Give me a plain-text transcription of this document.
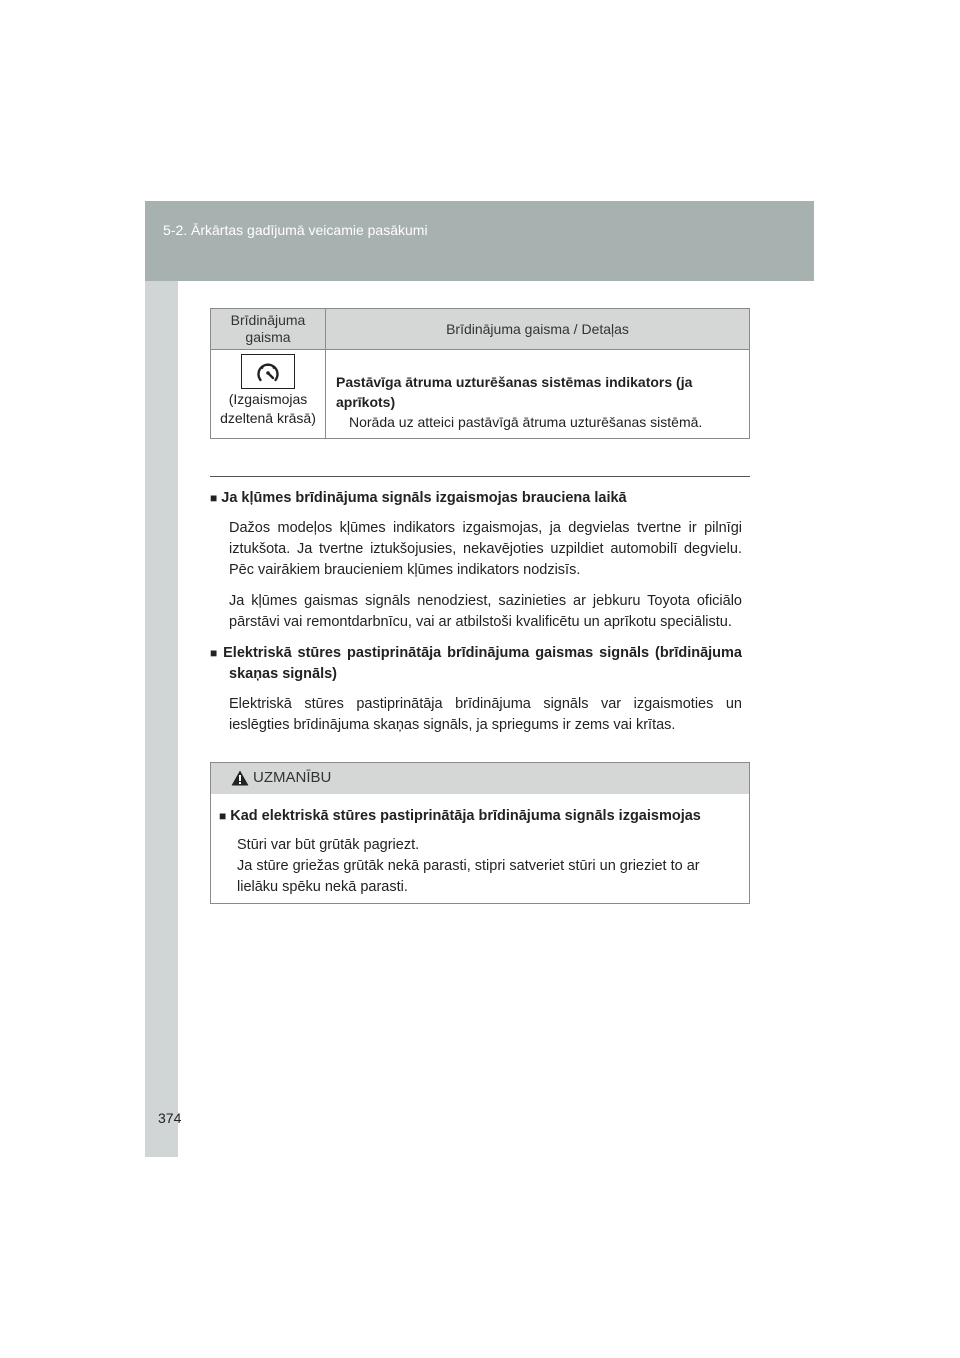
5-2. Ārkārtas gadījumā veicamie pasākumi
Brīdinājuma gaisma	Brīdinājuma gaisma / Detaļas

(Izgaismojas dzeltenā krāsā)	Pastāvīga ātruma uzturēšanas sistēmas indikators (ja aprīkots)
Norāda uz atteici pastāvīgā ātruma uzturēšanas sistēmā.
■ Ja kļūmes brīdinājuma signāls izgaismojas brauciena laikā
Dažos modeļos kļūmes indikators izgaismojas, ja degvielas tvertne ir pilnīgi iztukšota. Ja tvertne iztukšojusies, nekavējoties uzpildiet automobilī degvielu. Pēc vairākiem braucieniem kļūmes indikators nodzisīs.
Ja kļūmes gaismas signāls nenodziest, sazinieties ar jebkuru Toyota oficiālo pārstāvi vai remontdarbnīcu, vai ar atbilstoši kvalificētu un aprīkotu speciālistu.
■ Elektriskā stūres pastiprinātāja brīdinājuma gaismas signāls (brīdinājuma skaņas signāls)
Elektriskā stūres pastiprinātāja brīdinājuma signāls var izgaismoties un ieslēgties brīdinājuma skaņas signāls, ja spriegums ir zems vai krītas.
UZMANĪBU
■ Kad elektriskā stūres pastiprinātāja brīdinājuma signāls izgaismojas
Stūri var būt grūtāk pagriezt.
Ja stūre griežas grūtāk nekā parasti, stipri satveriet stūri un grieziet to ar lielāku spēku nekā parasti.
374
